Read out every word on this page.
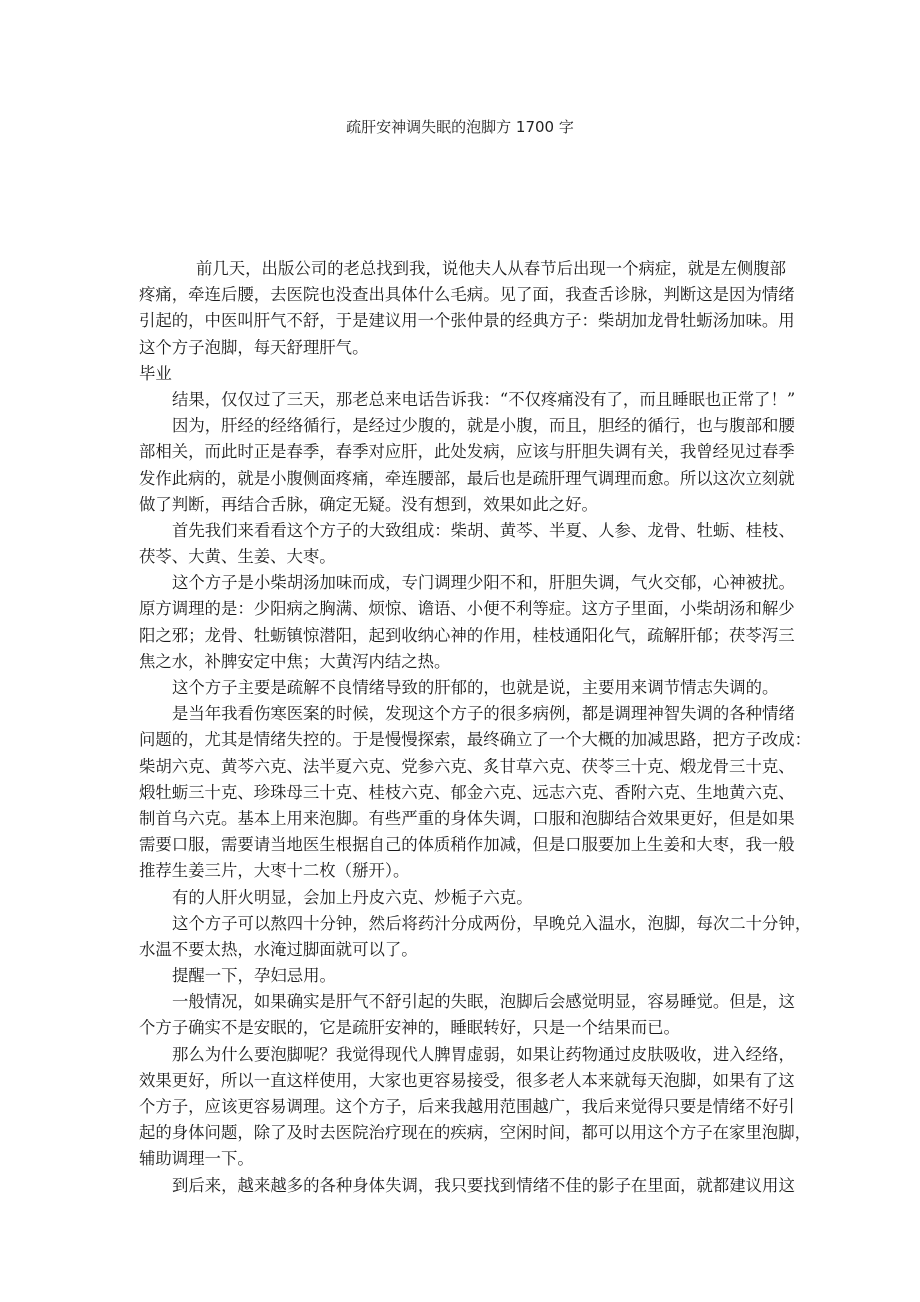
疏肝安神调失眠的泡脚方 1700 字
前几天，出版公司的老总找到我，说他夫人从春节后出现一个病症，就是左侧腹部
疼痛，牵连后腰，去医院也没查出具体什么毛病。见了面，我查舌诊脉，判断这是因为情绪
引起的，中医叫肝气不舒，于是建议用一个张仲景的经典方子：柴胡加龙骨牡蛎汤加味。用
这个方子泡脚，每天舒理肝气。
毕业
结果，仅仅过了三天，那老总来电话告诉我：“不仅疼痛没有了，而且睡眠也正常了！”
因为，肝经的经络循行，是经过少腹的，就是小腹，而且，胆经的循行，也与腹部和腰
部相关，而此时正是春季，春季对应肝，此处发病，应该与肝胆失调有关，我曾经见过春季
发作此病的，就是小腹侧面疼痛，牵连腰部，最后也是疏肝理气调理而愈。所以这次立刻就
做了判断，再结合舌脉，确定无疑。没有想到，效果如此之好。
首先我们来看看这个方子的大致组成：柴胡、黄芩、半夏、人参、龙骨、牡蛎、桂枝、
茯苓、大黄、生姜、大枣。
这个方子是小柴胡汤加味而成，专门调理少阳不和，肝胆失调，气火交郁，心神被扰。
原方调理的是：少阳病之胸满、烦惊、谵语、小便不利等症。这方子里面，小柴胡汤和解少
阳之邪；龙骨、牡蛎镇惊潜阳，起到收纳心神的作用，桂枝通阳化气，疏解肝郁；茯苓泻三
焦之水，补脾安定中焦；大黄泻内结之热。
这个方子主要是疏解不良情绪导致的肝郁的，也就是说，主要用来调节情志失调的。
是当年我看伤寒医案的时候，发现这个方子的很多病例，都是调理神智失调的各种情绪
问题的，尤其是情绪失控的。于是慢慢探索，最终确立了一个大概的加减思路，把方子改成：
柴胡六克、黄芩六克、法半夏六克、党参六克、炙甘草六克、茯苓三十克、煅龙骨三十克、
煅牡蛎三十克、珍珠母三十克、桂枝六克、郁金六克、远志六克、香附六克、生地黄六克、
制首乌六克。基本上用来泡脚。有些严重的身体失调，口服和泡脚结合效果更好，但是如果
需要口服，需要请当地医生根据自己的体质稍作加减，但是口服要加上生姜和大枣，我一般
推荐生姜三片，大枣十二枚（掰开）。
有的人肝火明显，会加上丹皮六克、炒栀子六克。
这个方子可以熬四十分钟，然后将药汁分成两份，早晚兑入温水，泡脚，每次二十分钟，
水温不要太热，水淹过脚面就可以了。
提醒一下，孕妇忌用。
一般情况，如果确实是肝气不舒引起的失眠，泡脚后会感觉明显，容易睡觉。但是，这
个方子确实不是安眠的，它是疏肝安神的，睡眠转好，只是一个结果而已。
那么为什么要泡脚呢？我觉得现代人脾胃虚弱，如果让药物通过皮肤吸收，进入经络，
效果更好，所以一直这样使用，大家也更容易接受，很多老人本来就每天泡脚，如果有了这
个方子，应该更容易调理。这个方子，后来我越用范围越广，我后来觉得只要是情绪不好引
起的身体问题，除了及时去医院治疗现在的疾病，空闲时间，都可以用这个方子在家里泡脚，
辅助调理一下。
到后来，越来越多的各种身体失调，我只要找到情绪不佳的影子在里面，就都建议用这
